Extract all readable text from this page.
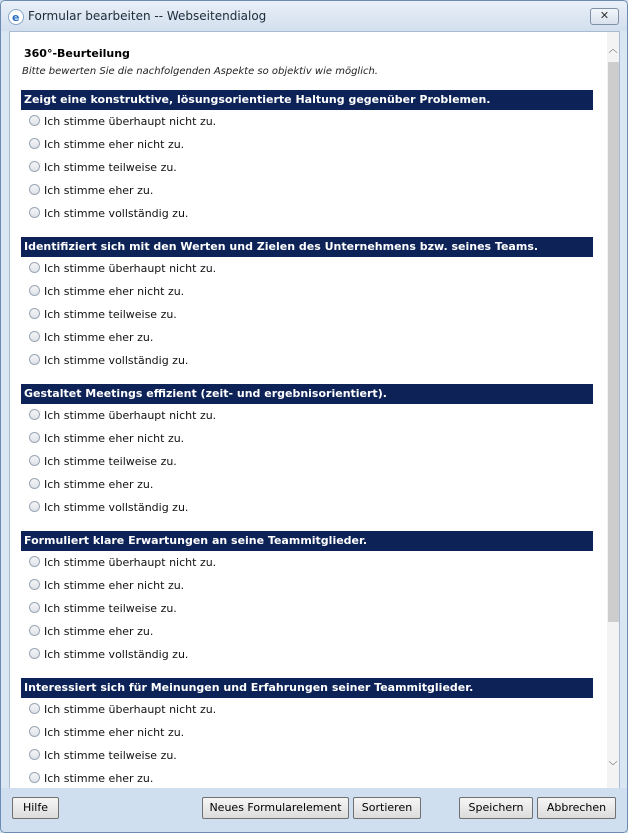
e Formular bearbeiten -- Webseitendialog	✕
360°-Beurteilung
Bitte bewerten Sie die nachfolgenden Aspekte so objektiv wie möglich.
Zeigt eine konstruktive, lösungsorientierte Haltung gegenüber Problemen.
Ich stimme überhaupt nicht zu.
Ich stimme eher nicht zu.
Ich stimme teilweise zu.
Ich stimme eher zu.
Ich stimme vollständig zu.
Identifiziert sich mit den Werten und Zielen des Unternehmens bzw. seines Teams.
Ich stimme überhaupt nicht zu.
Ich stimme eher nicht zu.
Ich stimme teilweise zu.
Ich stimme eher zu.
Ich stimme vollständig zu.
Gestaltet Meetings effizient (zeit- und ergebnisorientiert).
Ich stimme überhaupt nicht zu.
Ich stimme eher nicht zu.
Ich stimme teilweise zu.
Ich stimme eher zu.
Ich stimme vollständig zu.
Formuliert klare Erwartungen an seine Teammitglieder.
Ich stimme überhaupt nicht zu.
Ich stimme eher nicht zu.
Ich stimme teilweise zu.
Ich stimme eher zu.
Ich stimme vollständig zu.
Interessiert sich für Meinungen und Erfahrungen seiner Teammitglieder.
Ich stimme überhaupt nicht zu.
Ich stimme eher nicht zu.
Ich stimme teilweise zu.
Ich stimme eher zu.
︿
﹀
Hilfe	Neues Formularelement	Sortieren	Speichern	Abbrechen
